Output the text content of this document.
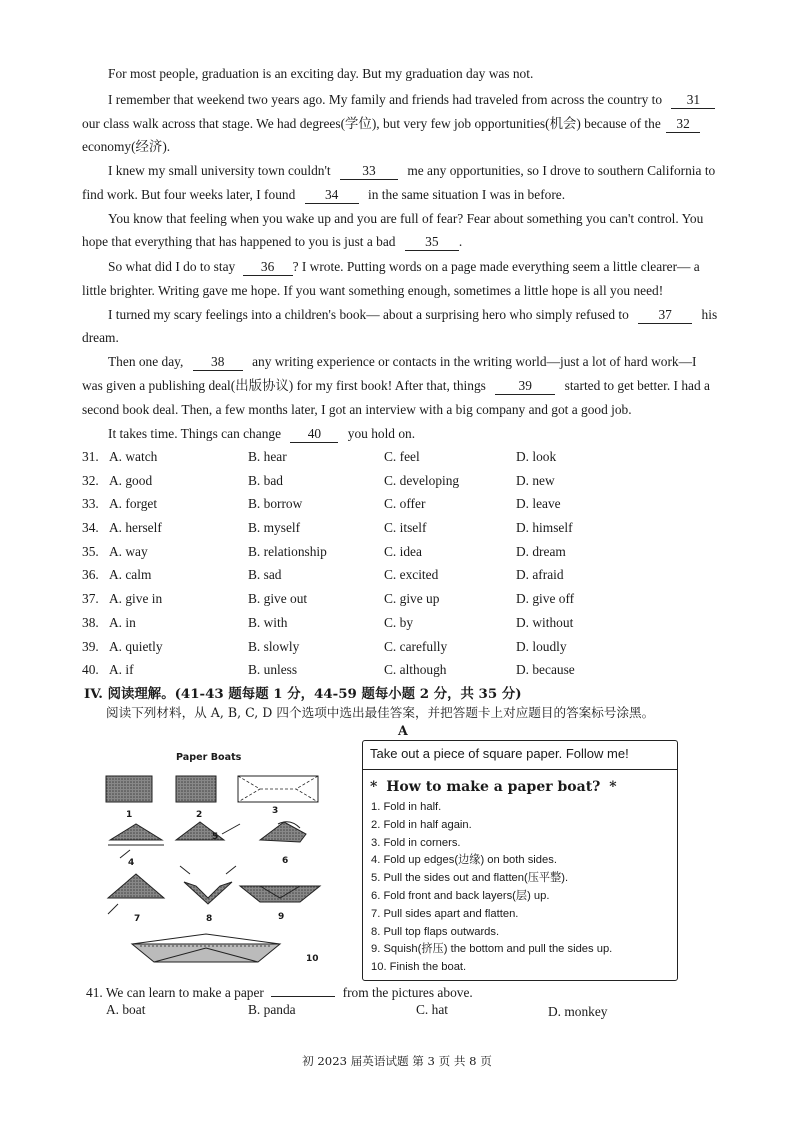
For most people, graduation is an exciting day. But my graduation day was not.
I remember that weekend two years ago. My family and friends had traveled from across the country to 31
our class walk across that stage. We had degrees(学位), but very few job opportunities(机会) because of the 32
economy(经济).
I knew my small university town couldn't 33 me any opportunities, so I drove to southern California to
find work. But four weeks later, I found 34 in the same situation I was in before.
You know that feeling when you wake up and you are full of fear? Fear about something you can't control. You
hope that everything that has happened to you is just a bad 35 .
So what did I do to stay 36 ? I wrote. Putting words on a page made everything seem a little clearer— a
little brighter. Writing gave me hope. If you want something enough, sometimes a little hope is all you need!
I turned my scary feelings into a children's book— about a surprising hero who simply refused to 37 his
dream.
Then one day, 38 any writing experience or contacts in the writing world—just a lot of hard work—I
was given a publishing deal(出版协议) for my first book! After that, things 39 started to get better. I had a
second book deal. Then, a few months later, I got an interview with a big company and got a good job.
It takes time. Things can change 40 you hold on.
31. A. watch	B. hear	C. feel	D. look
32. A. good	B. bad	C. developing	D. new
33. A. forget	B. borrow	C. offer	D. leave
34. A. herself	B. myself	C. itself	D. himself
35. A. way	B. relationship	C. idea	D. dream
36. A. calm	B. sad	C. excited	D. afraid
37. A. give in	B. give out	C. give up	D. give off
38. A. in	B. with	C. by	D. without
39. A. quietly	B. slowly	C. carefully	D. loudly
40. A. if	B. unless	C. although	D. because
IV. 阅读理解。(41-43 题每题 1 分，44-59 题每小题 2 分，共 35 分)
阅读下列材料，从 A, B, C, D 四个选项中选出最佳答案，并把答题卡上对应题目的答案标号涂黑。
A
Paper Boats
1	2	3
4
5
6
7	8	9
10
Take out a piece of square paper. Follow me!
* How to make a paper boat? *
1. Fold in half.
2. Fold in half again.
3. Fold in corners.
4. Fold up edges(边缘) on both sides.
5. Pull the sides out and flatten(压平整).
6. Fold front and back layers(层) up.
7. Pull sides apart and flatten.
8. Pull top flaps outwards.
9. Squish(挤压) the bottom and pull the sides up.
10. Finish the boat.
41. We can learn to make a paper	from the pictures above.
A. boat	B. panda	C. hat	D. monkey
初 2023 届英语试题 第 3 页 共 8 页
